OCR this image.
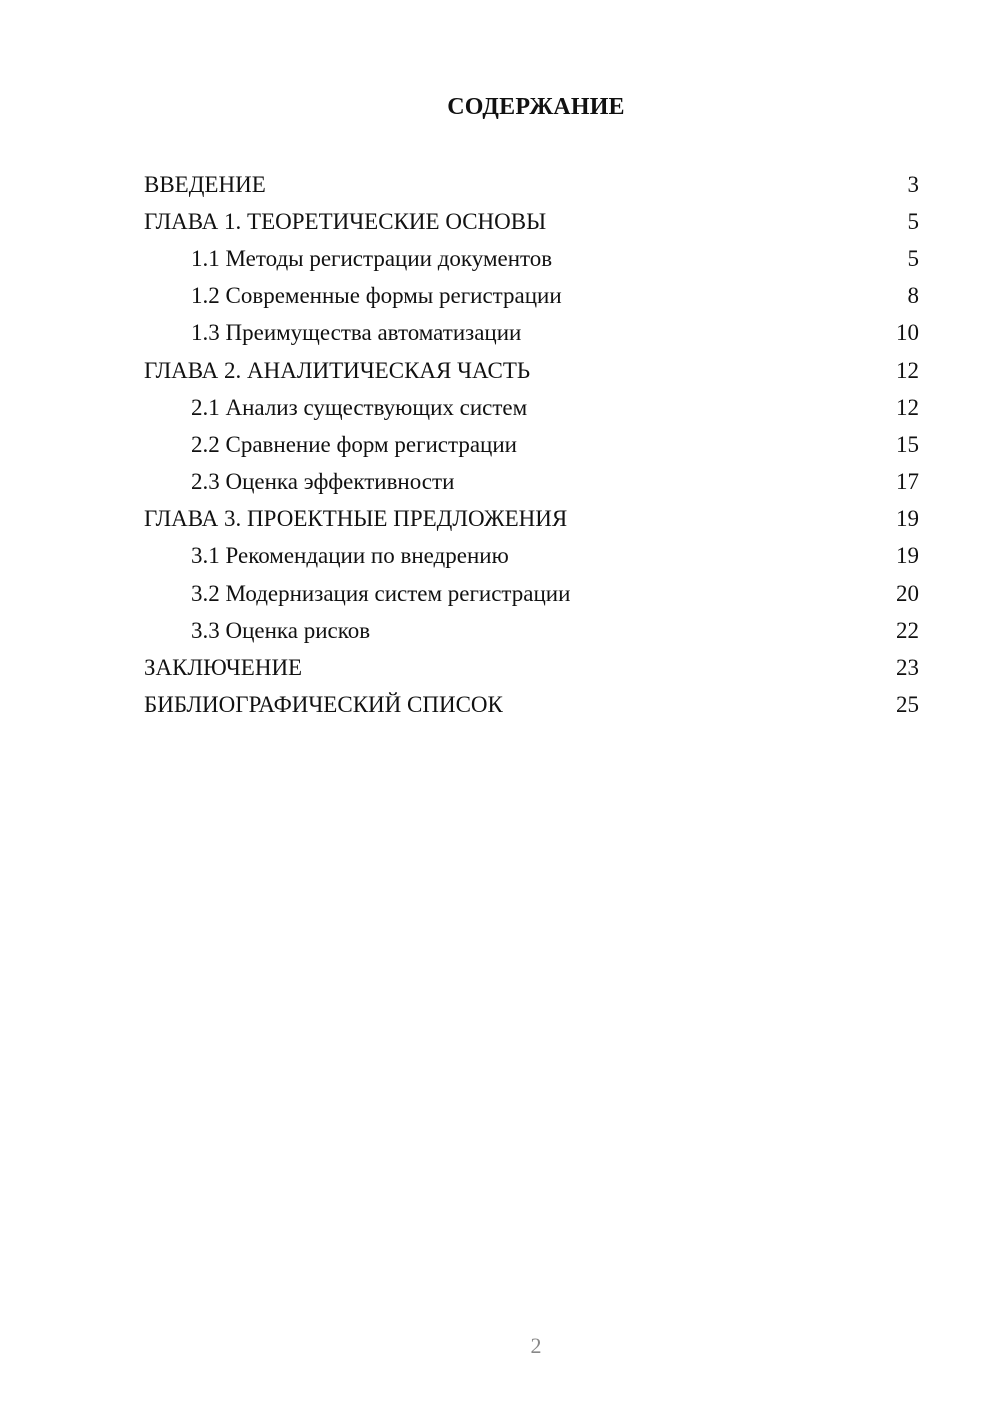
СОДЕРЖАНИЕ
ВВЕДЕНИЕ	3
ГЛАВА 1. ТЕОРЕТИЧЕСКИЕ ОСНОВЫ	5
1.1 Методы регистрации документов	5
1.2 Современные формы регистрации	8
1.3 Преимущества автоматизации	10
ГЛАВА 2. АНАЛИТИЧЕСКАЯ ЧАСТЬ	12
2.1 Анализ существующих систем	12
2.2 Сравнение форм регистрации	15
2.3 Оценка эффективности	17
ГЛАВА 3. ПРОЕКТНЫЕ ПРЕДЛОЖЕНИЯ	19
3.1 Рекомендации по внедрению	19
3.2 Модернизация систем регистрации	20
3.3 Оценка рисков	22
ЗАКЛЮЧЕНИЕ	23
БИБЛИОГРАФИЧЕСКИЙ СПИСОК	25
2
